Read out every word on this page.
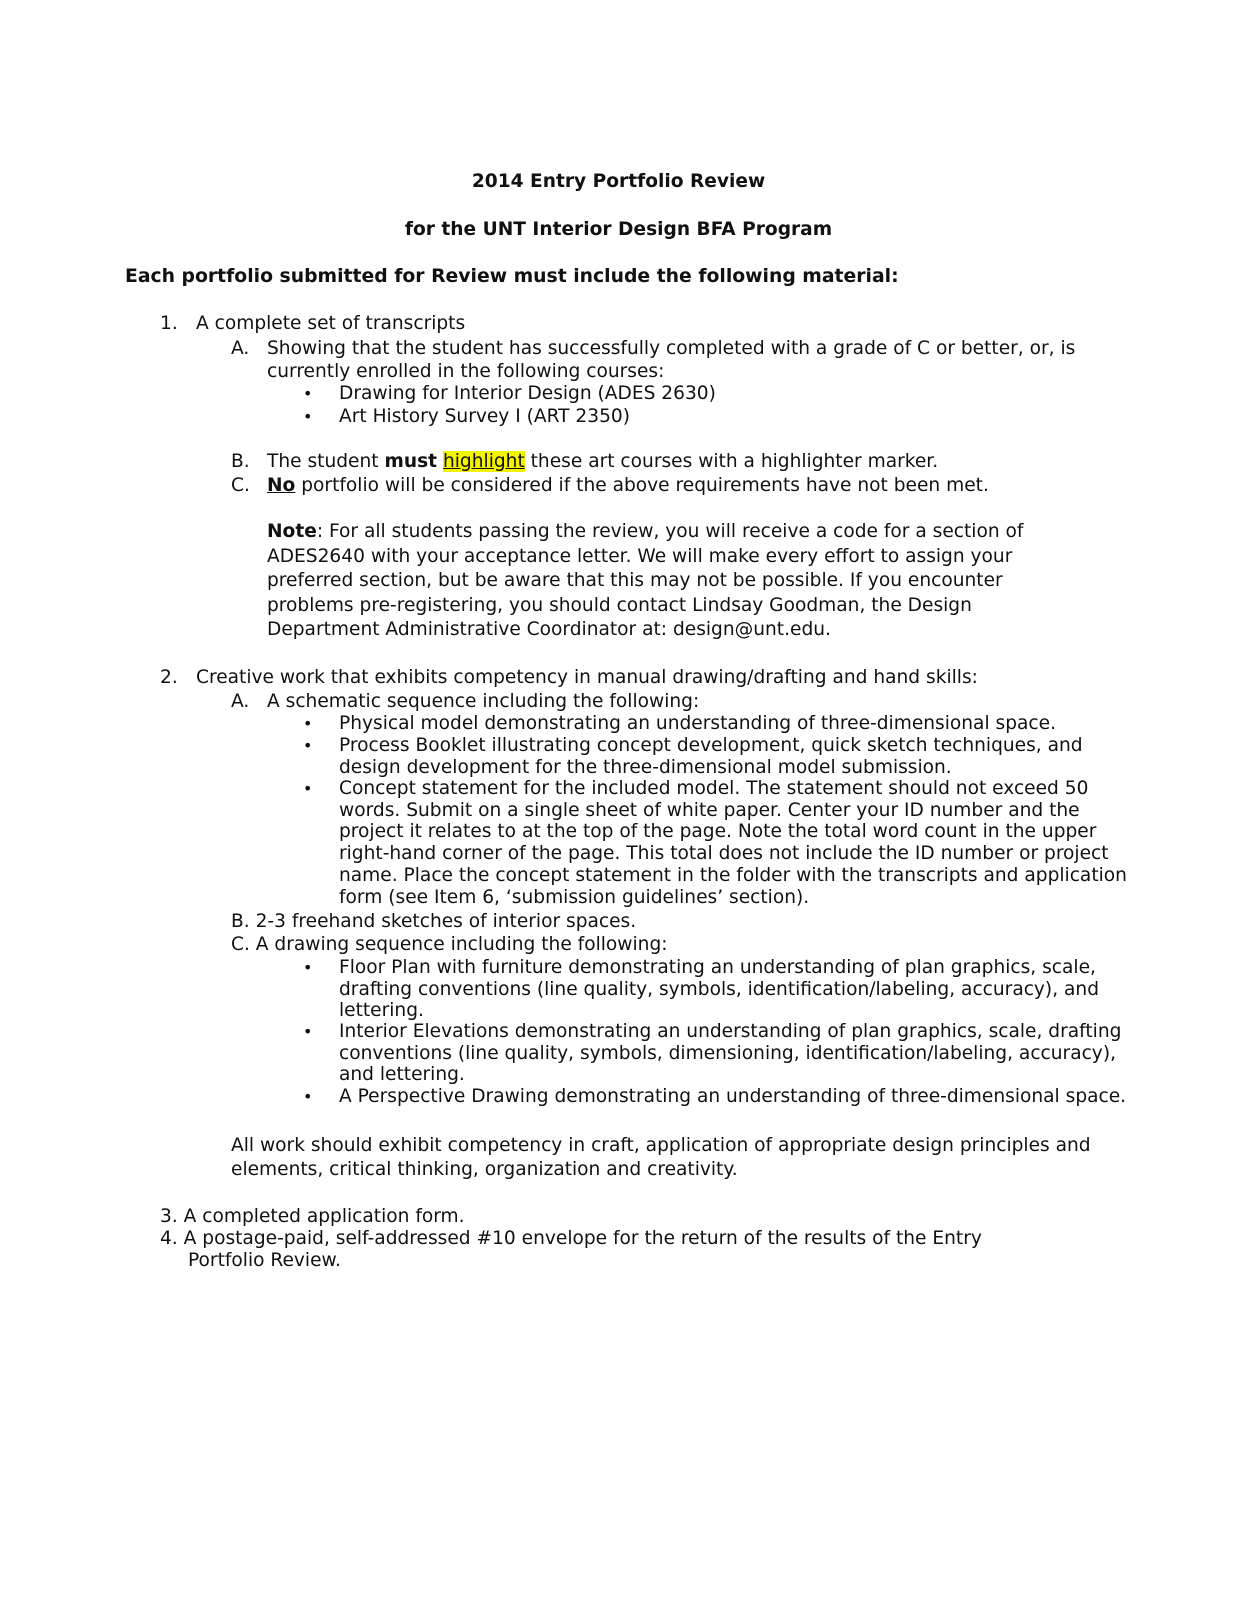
2014 Entry Portfolio Review
for the UNT Interior Design BFA Program
Each portfolio submitted for Review must include the following material:
1. A complete set of transcripts
A. Showing that the student has successfully completed with a grade of C or better, or, is
currently enrolled in the following courses:
• Drawing for Interior Design (ADES 2630)
• Art History Survey I (ART 2350)
B. The student must highlight these art courses with a highlighter marker.
C. No portfolio will be considered if the above requirements have not been met.
Note: For all students passing the review, you will receive a code for a section of
ADES2640 with your acceptance letter. We will make every effort to assign your
preferred section, but be aware that this may not be possible. If you encounter
problems pre-registering, you should contact Lindsay Goodman, the Design
Department Administrative Coordinator at: design@unt.edu.
2. Creative work that exhibits competency in manual drawing/drafting and hand skills:
A. A schematic sequence including the following:
• Physical model demonstrating an understanding of three-dimensional space.
• Process Booklet illustrating concept development, quick sketch techniques, and
design development for the three-dimensional model submission.
• Concept statement for the included model. The statement should not exceed 50
words. Submit on a single sheet of white paper. Center your ID number and the
project it relates to at the top of the page. Note the total word count in the upper
right-hand corner of the page. This total does not include the ID number or project
name. Place the concept statement in the folder with the transcripts and application
form (see Item 6, ‘submission guidelines’ section).
B. 2-3 freehand sketches of interior spaces.
C. A drawing sequence including the following:
• Floor Plan with furniture demonstrating an understanding of plan graphics, scale,
drafting conventions (line quality, symbols, identification/labeling, accuracy), and
lettering.
• Interior Elevations demonstrating an understanding of plan graphics, scale, drafting
conventions (line quality, symbols, dimensioning, identification/labeling, accuracy),
and lettering.
• A Perspective Drawing demonstrating an understanding of three-dimensional space.
All work should exhibit competency in craft, application of appropriate design principles and
elements, critical thinking, organization and creativity.
3. A completed application form.
4. A postage-paid, self-addressed #10 envelope for the return of the results of the Entry
Portfolio Review.
